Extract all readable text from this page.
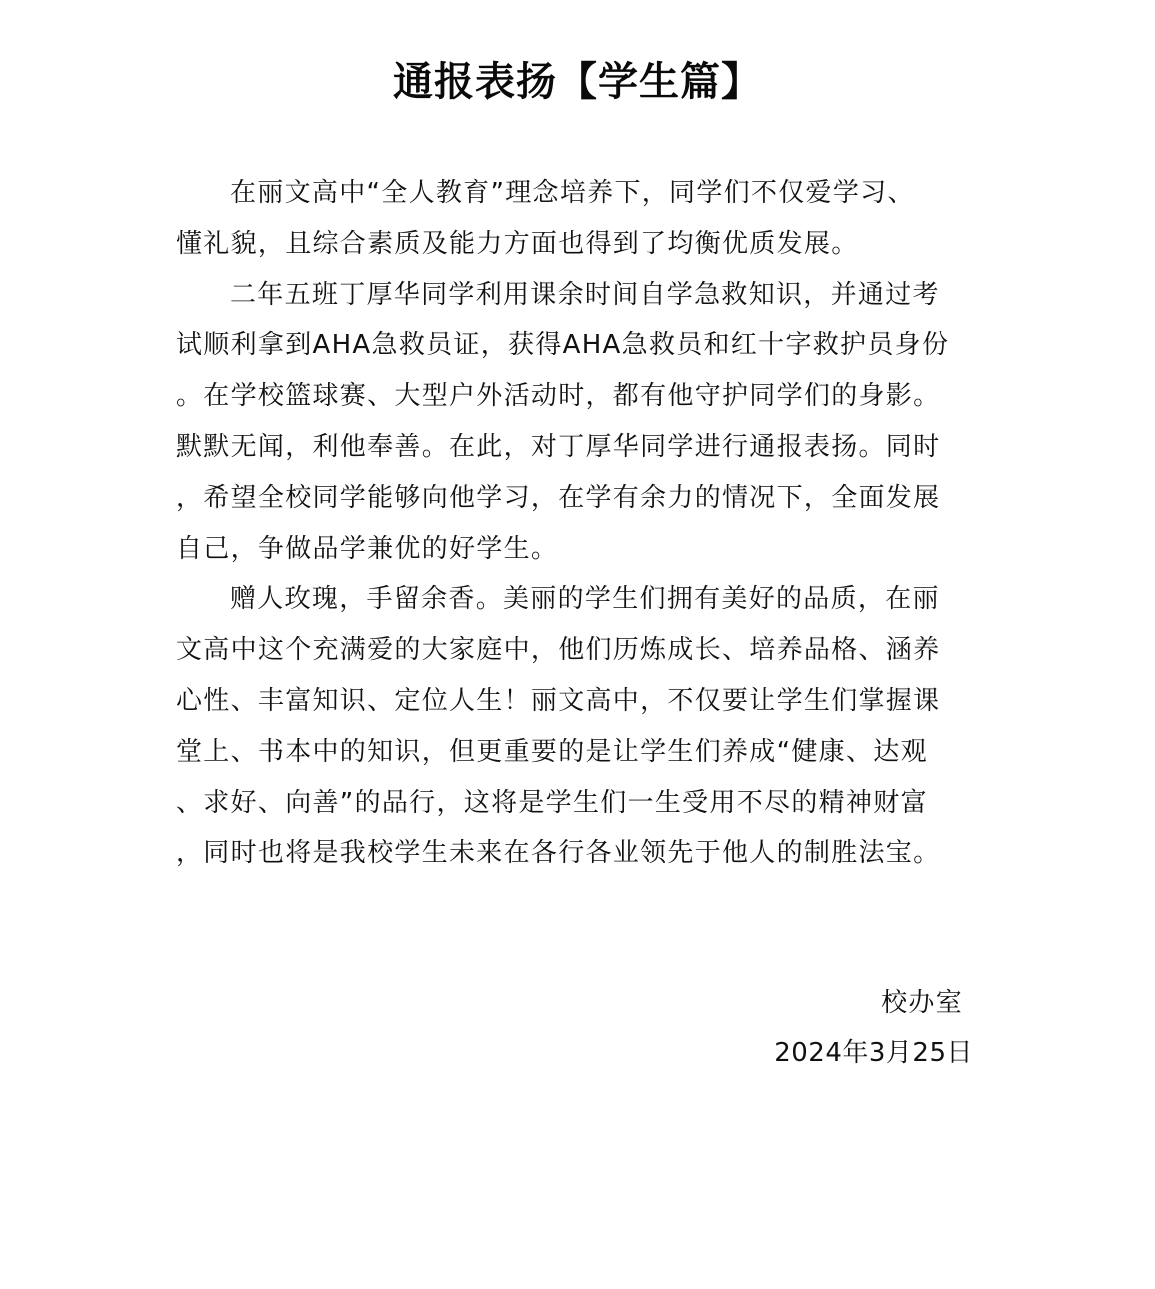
通报表扬【学生篇】
在丽文高中“全人教育”理念培养下，同学们不仅爱学习、
懂礼貌，且综合素质及能力方面也得到了均衡优质发展。
二年五班丁厚华同学利用课余时间自学急救知识，并通过考
试顺利拿到AHA急救员证，获得AHA急救员和红十字救护员身份
。在学校篮球赛、大型户外活动时，都有他守护同学们的身影。
默默无闻，利他奉善。在此，对丁厚华同学进行通报表扬。同时
，希望全校同学能够向他学习，在学有余力的情况下，全面发展
自己，争做品学兼优的好学生。
赠人玫瑰，手留余香。美丽的学生们拥有美好的品质，在丽
文高中这个充满爱的大家庭中，他们历炼成长、培养品格、涵养
心性、丰富知识、定位人生！丽文高中，不仅要让学生们掌握课
堂上、书本中的知识，但更重要的是让学生们养成“健康、达观
、求好、向善”的品行，这将是学生们一生受用不尽的精神财富
，同时也将是我校学生未来在各行各业领先于他人的制胜法宝。
校办室
2024年3月25日
